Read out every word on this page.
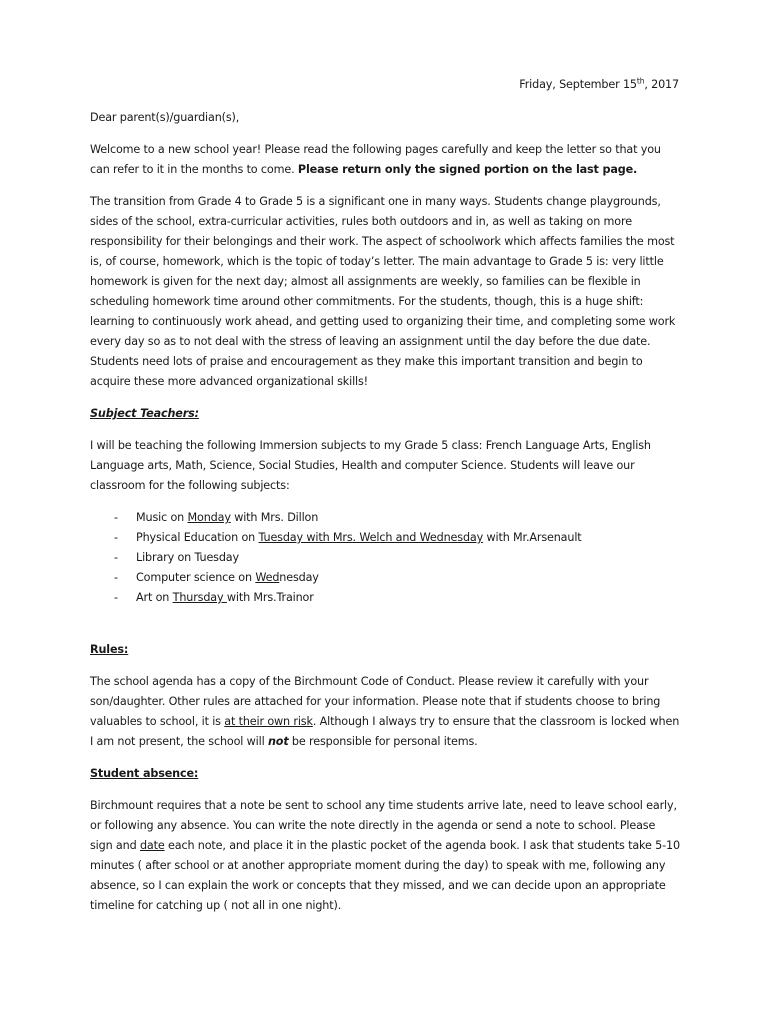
Friday, September 15th, 2017

Dear parent(s)/guardian(s),

Welcome to a new school year! Please read the following pages carefully and keep the letter so that you can refer to it in the months to come. Please return only the signed portion on the last page.

The transition from Grade 4 to Grade 5 is a significant one in many ways. Students change playgrounds, sides of the school, extra-curricular activities, rules both outdoors and in, as well as taking on more responsibility for their belongings and their work. The aspect of schoolwork which affects families the most is, of course, homework, which is the topic of today’s letter. The main advantage to Grade 5 is: very little homework is given for the next day; almost all assignments are weekly, so families can be flexible in scheduling homework time around other commitments. For the students, though, this is a huge shift: learning to continuously work ahead, and getting used to organizing their time, and completing some work every day so as to not deal with the stress of leaving an assignment until the day before the due date. Students need lots of praise and encouragement as they make this important transition and begin to acquire these more advanced organizational skills!

Subject Teachers:

I will be teaching the following Immersion subjects to my Grade 5 class: French Language Arts, English Language arts, Math, Science, Social Studies, Health and computer Science. Students will leave our classroom for the following subjects:

- Music on Monday with Mrs. Dillon
- Physical Education on Tuesday with Mrs. Welch and Wednesday with Mr.Arsenault
- Library on Tuesday
- Computer science on Wednesday
- Art on Thursday with Mrs.Trainor

Rules:

The school agenda has a copy of the Birchmount Code of Conduct. Please review it carefully with your son/daughter. Other rules are attached for your information. Please note that if students choose to bring valuables to school, it is at their own risk. Although I always try to ensure that the classroom is locked when I am not present, the school will not be responsible for personal items.

Student absence:

Birchmount requires that a note be sent to school any time students arrive late, need to leave school early, or following any absence. You can write the note directly in the agenda or send a note to school. Please sign and date each note, and place it in the plastic pocket of the agenda book. I ask that students take 5-10 minutes ( after school or at another appropriate moment during the day) to speak with me, following any absence, so I can explain the work or concepts that they missed, and we can decide upon an appropriate timeline for catching up ( not all in one night).
